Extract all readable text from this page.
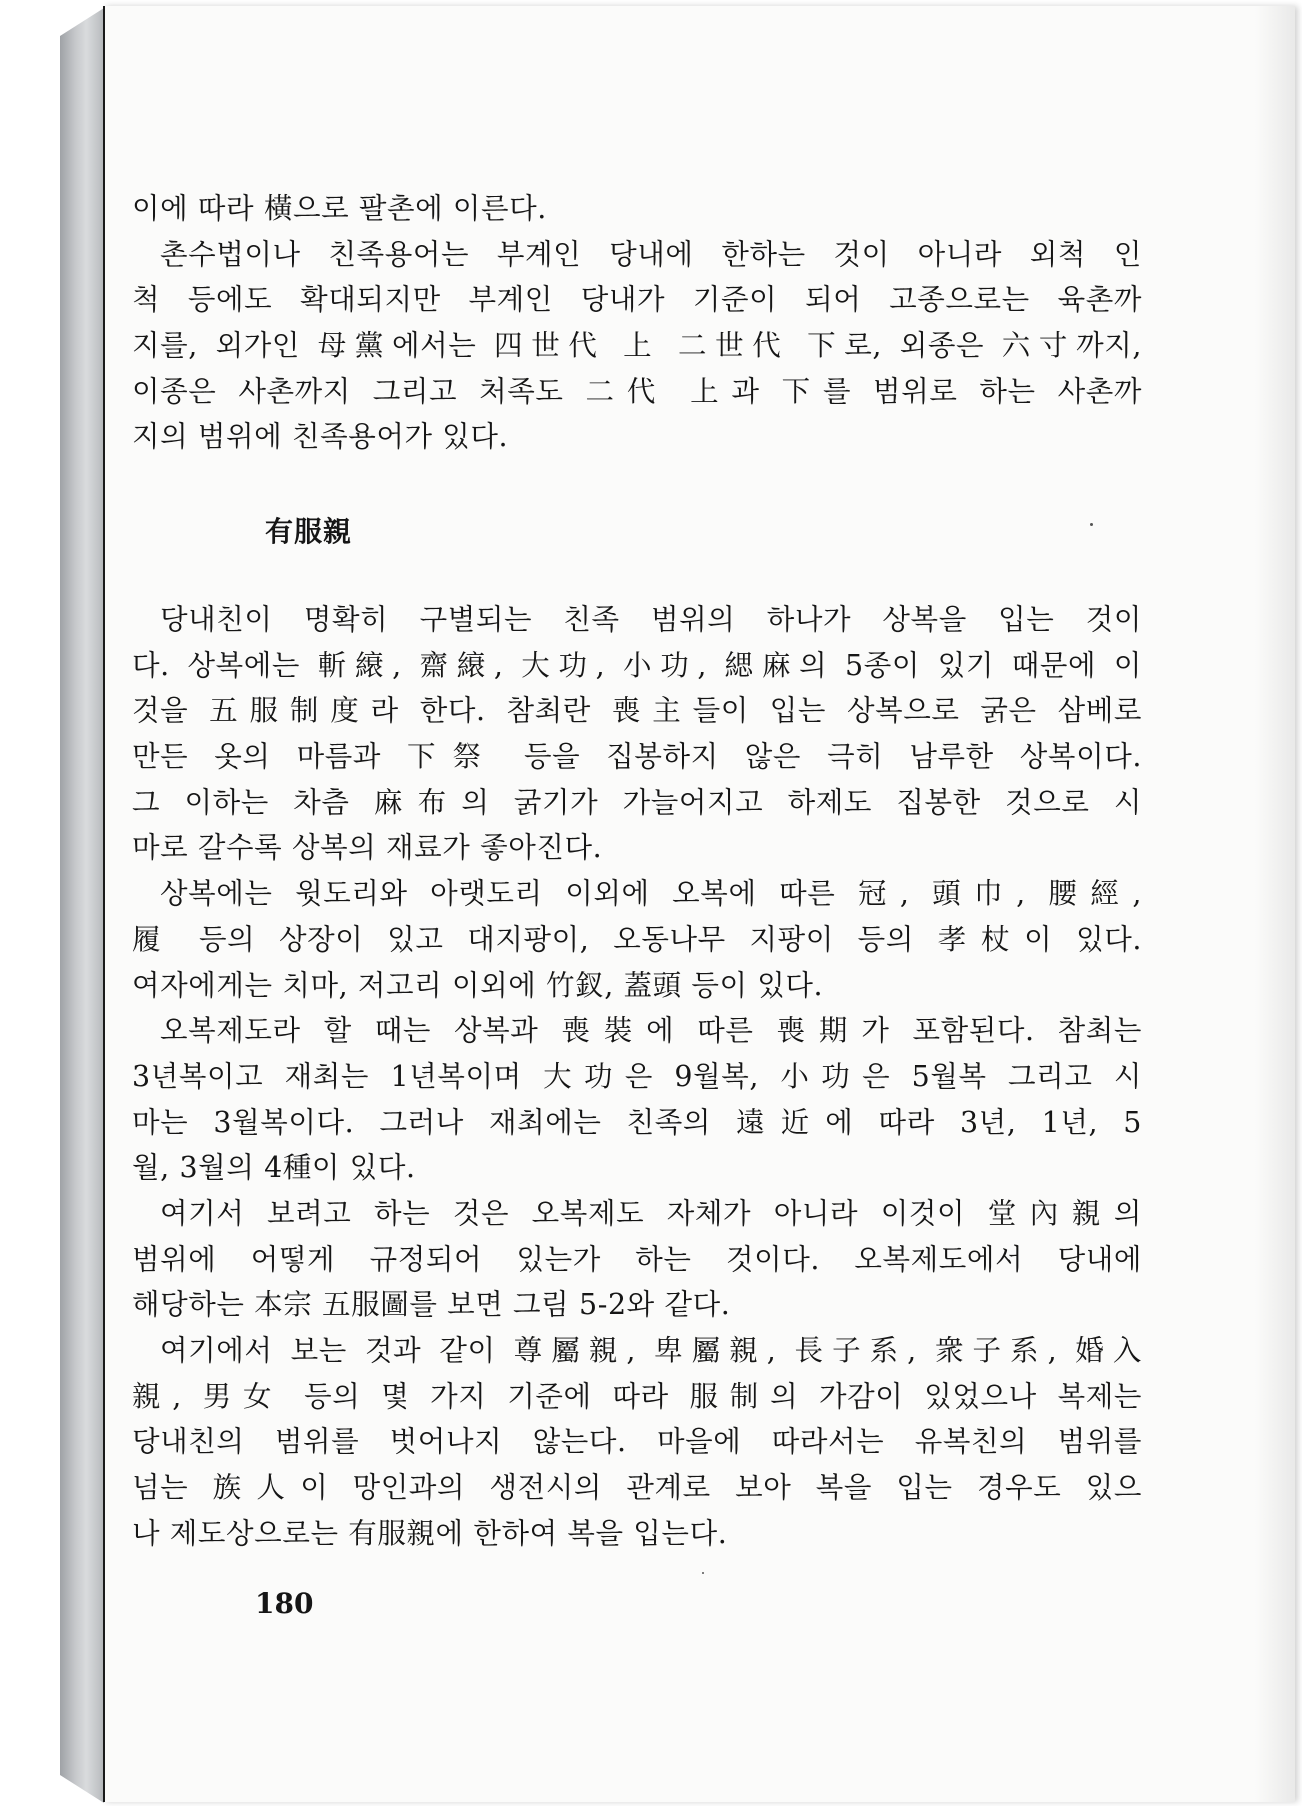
이에 따라 橫으로 팔촌에 이른다.
촌수법이나 친족용어는 부계인 당내에 한하는 것이 아니라 외척 인
척 등에도 확대되지만 부계인 당내가 기준이 되어 고종으로는 육촌까
지를, 외가인 母黨에서는 四世代 上 二世代 下로, 외종은 六寸까지,
이종은 사촌까지 그리고 처족도 二代 上과 下를 범위로 하는 사촌까
지의 범위에 친족용어가 있다.
有服親
당내친이 명확히 구별되는 친족 범위의 하나가 상복을 입는 것이
다. 상복에는 斬縗, 齋縗, 大功, 小功, 緦麻의 5종이 있기 때문에 이
것을 五服制度라 한다. 참최란 喪主들이 입는 상복으로 굵은 삼베로
만든 옷의 마름과 下祭 등을 집봉하지 않은 극히 남루한 상복이다.
그 이하는 차츰 麻布의 굵기가 가늘어지고 하제도 집봉한 것으로 시
마로 갈수록 상복의 재료가 좋아진다.
상복에는 윗도리와 아랫도리 이외에 오복에 따른 冠, 頭巾, 腰經,
履 등의 상장이 있고 대지팡이, 오동나무 지팡이 등의 孝杖이 있다.
여자에게는 치마, 저고리 이외에 竹釵, 蓋頭 등이 있다.
오복제도라 할 때는 상복과 喪裝에 따른 喪期가 포함된다. 참최는
3년복이고 재최는 1년복이며 大功은 9월복, 小功은 5월복 그리고 시
마는 3월복이다. 그러나 재최에는 친족의 遠近에 따라 3년, 1년, 5
월, 3월의 4種이 있다.
여기서 보려고 하는 것은 오복제도 자체가 아니라 이것이 堂內親의
범위에 어떻게 규정되어 있는가 하는 것이다. 오복제도에서 당내에
해당하는 本宗 五服圖를 보면 그림 5-2와 같다.
여기에서 보는 것과 같이 尊屬親, 卑屬親, 長子系, 衆子系, 婚入
親, 男女 등의 몇 가지 기준에 따라 服制의 가감이 있었으나 복제는
당내친의 범위를 벗어나지 않는다. 마을에 따라서는 유복친의 범위를
넘는 族人이 망인과의 생전시의 관계로 보아 복을 입는 경우도 있으
나 제도상으로는 有服親에 한하여 복을 입는다.
180
